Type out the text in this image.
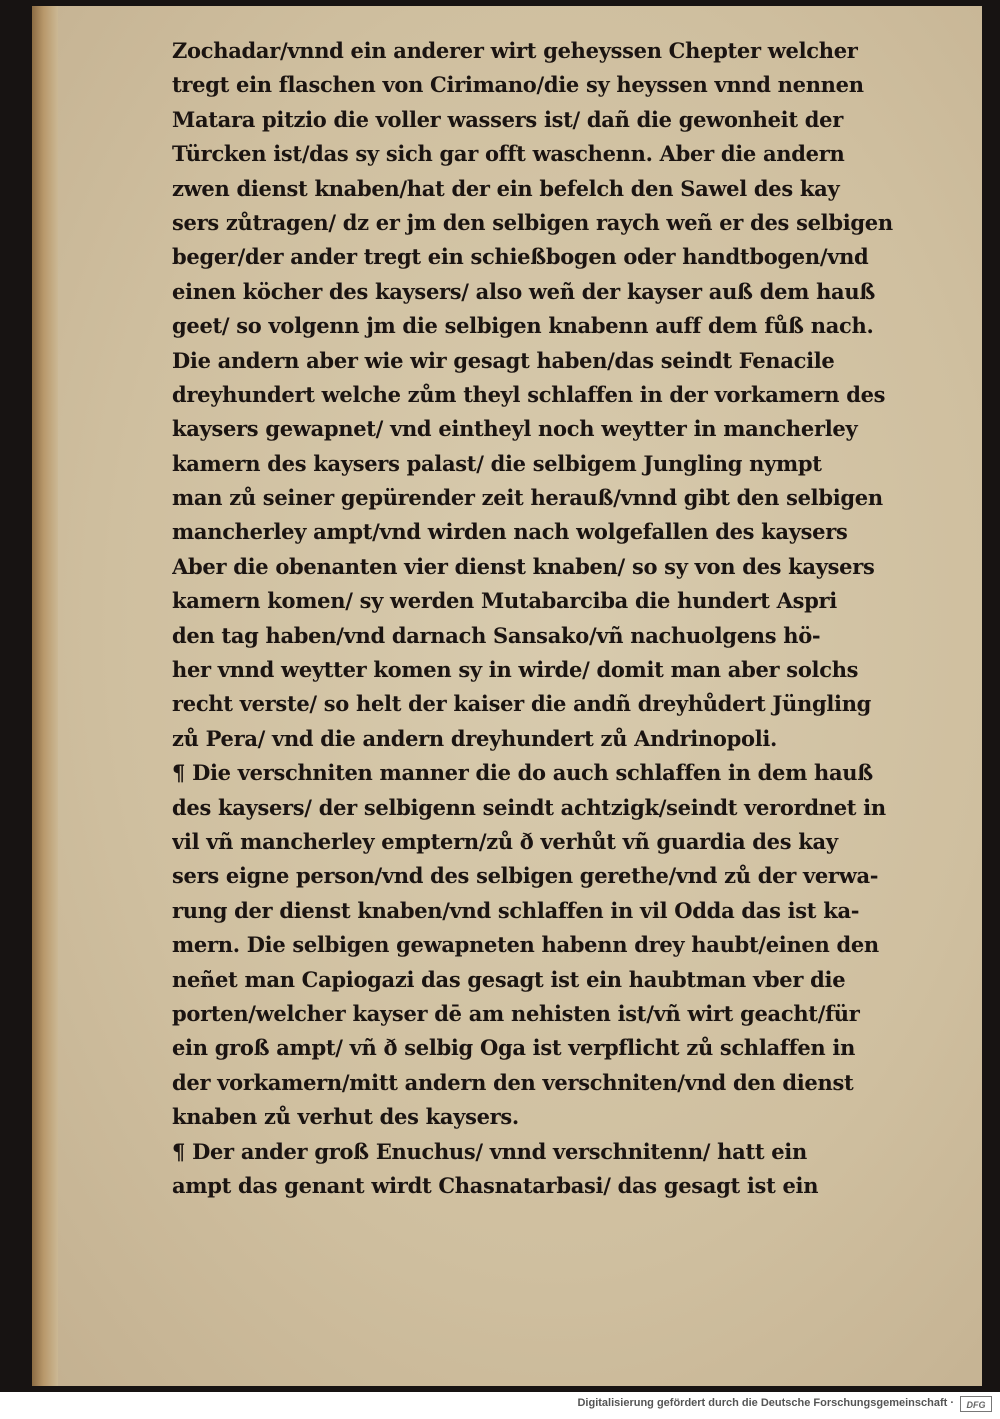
Zochadar/vnnd ein anderer wirt geheyssen Chepter welcher
tregt ein flaschen von Cirimano/die sy heyssen vnnd nennen
Matara pitzio die voller wassers ist/ dañ die gewonheit der
Türcken ist/das sy sich gar offt waschenn. Aber die andern
zwen dienst knaben/hat der ein befelch den Sawel des kay
sers zůtragen/ dz er jm den selbigen raych weñ er des selbigen
beger/der ander tregt ein schießbogen oder handtbogen/vnd
einen köcher des kaysers/ also weñ der kayser auß dem hauß
geet/ so volgenn jm die selbigen knabenn auff dem fůß nach.
Die andern aber wie wir gesagt haben/das seindt Fenacile
dreyhundert welche zům theyl schlaffen in der vorkamern des
kaysers gewapnet/ vnd eintheyl noch weytter in mancherley
kamern des kaysers palast/ die selbigem Jungling nympt
man zů seiner gepürender zeit herauß/vnnd gibt den selbigen
mancherley ampt/vnd wirden nach wolgefallen des kaysers
Aber die obenanten vier dienst knaben/ so sy von des kaysers
kamern komen/ sy werden Mutabarciba die hundert Aspri
den tag haben/vnd darnach Sansako/vñ nachuolgens hö-
her vnnd weytter komen sy in wirde/ domit man aber solchs
recht verste/ so helt der kaiser die andñ dreyhůdert Jüngling
zů Pera/ vnd die andern dreyhundert zů Andrinopoli.
¶ Die verschniten manner die do auch schlaffen in dem hauß
des kaysers/ der selbigenn seindt achtzigk/seindt verordnet in
vil vñ mancherley emptern/zů ð verhůt vñ guardia des kay
sers eigne person/vnd des selbigen gerethe/vnd zů der verwa-
rung der dienst knaben/vnd schlaffen in vil Odda das ist ka-
mern. Die selbigen gewapneten habenn drey haubt/einen den
neñet man Capiogazi das gesagt ist ein haubtman vber die
porten/welcher kayser dē am nehisten ist/vñ wirt geacht/für
ein groß ampt/ vñ ð selbig Oga ist verpflicht zů schlaffen in
der vorkamern/mitt andern den verschniten/vnd den dienst
knaben zů verhut des kaysers.
¶ Der ander groß Enuchus/ vnnd verschnitenn/ hatt ein
ampt das genant wirdt Chasnatarbasi/ das gesagt ist ein
Digitalisierung gefördert durch die Deutsche Forschungsgemeinschaft ·	DFG
